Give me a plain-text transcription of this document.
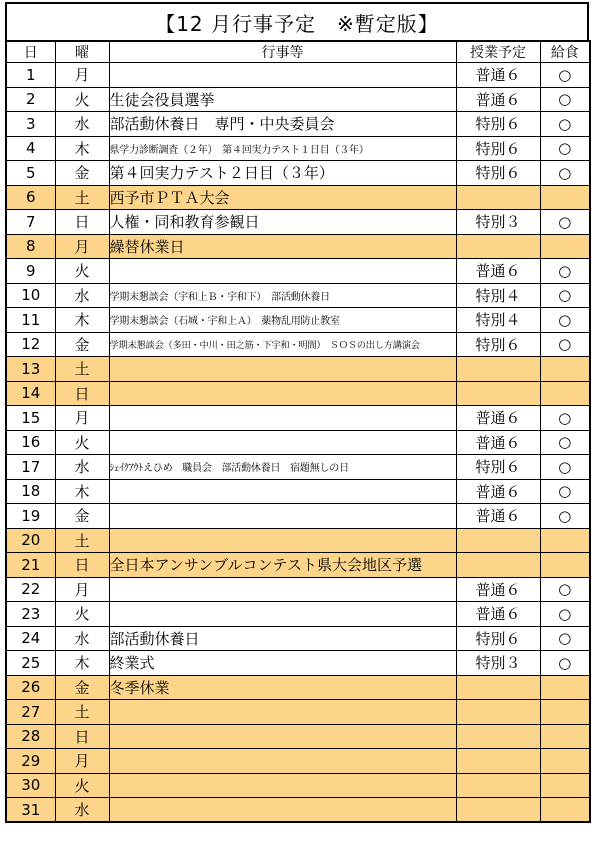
【12 月行事予定　※暫定版】
日	曜	行事等	授業予定	給食
1	月		普通６	○
2	火	生徒会役員選挙	普通６	○
3	水	部活動休養日　専門・中央委員会	特別６	○
4	木	県学力診断調査（２年）　第４回実力テスト１日目（３年）	特別６	○
5	金	第４回実力テスト２日目（３年）	特別６	○
6	土	西予市ＰＴＡ大会		
7	日	人権・同和教育参観日	特別３	○
8	月	繰替休業日		
9	火		普通６	○
10	水	学期末懇談会（宇和上Ｂ・宇和下）　部活動休養日	特別４	○
11	木	学期末懇談会（石城・宇和上Ａ）　薬物乱用防止教室	特別４	○
12	金	学期末懇談会（多田・中川・田之筋・下宇和・明間）　ＳＯＳの出し方講演会	特別６	○
13	土			
14	日			
15	月		普通６	○
16	火		普通６	○
17	水	ｼｪｲｸｱｳﾄえひめ　職員会　部活動休養日　宿題無しの日	特別６	○
18	木		普通６	○
19	金		普通６	○
20	土			
21	日	全日本アンサンブルコンテスト県大会地区予選		
22	月		普通６	○
23	火		普通６	○
24	水	部活動休養日	特別６	○
25	木	終業式	特別３	○
26	金	冬季休業		
27	土			
28	日			
29	月			
30	火			
31	水			
